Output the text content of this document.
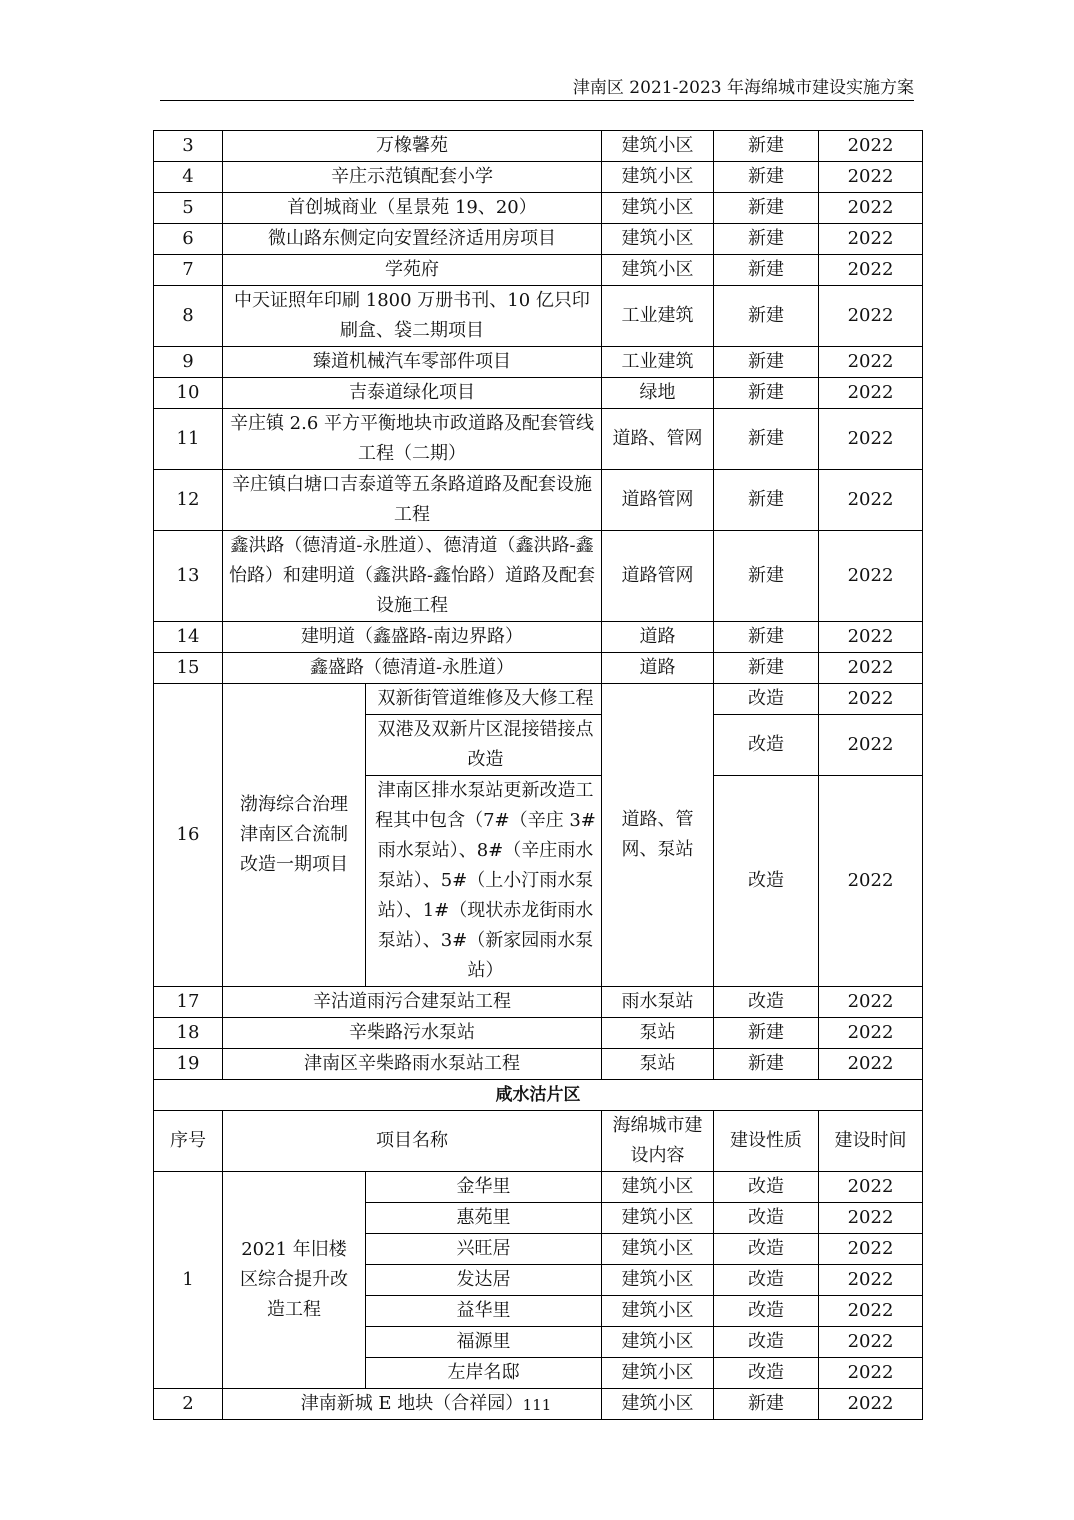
津南区 2021-2023 年海绵城市建设实施方案
3	万橡馨苑		建筑小区	新建	2022
4	辛庄示范镇配套小学		建筑小区	新建	2022
5	首创城商业（星景苑 19、20）		建筑小区	新建	2022
6	微山路东侧定向安置经济适用房项目		建筑小区	新建	2022
7	学苑府		建筑小区	新建	2022
8	中天证照年印刷 1800 万册书刊、10 亿只印刷盒、袋二期项目		工业建筑	新建	2022
9	臻道机械汽车零部件项目		工业建筑	新建	2022
10	吉泰道绿化项目		绿地	新建	2022
11	辛庄镇 2.6 平方平衡地块市政道路及配套管线工程（二期）		道路、管网	新建	2022
12	辛庄镇白塘口吉泰道等五条路道路及配套设施工程		道路管网	新建	2022
13	鑫洪路（德清道-永胜道）、德清道（鑫洪路-鑫怡路）和建明道（鑫洪路-鑫怡路）道路及配套设施工程		道路管网	新建	2022
14	建明道（鑫盛路-南边界路）		道路	新建	2022
15	鑫盛路（德清道-永胜道）		道路	新建	2022
16	渤海综合治理津南区合流制改造一期项目	双新街管道维修及大修工程	道路、管网、泵站	改造	2022
		双港及双新片区混接错接点改造		改造	2022
		津南区排水泵站更新改造工程其中包含（7#（辛庄 3#雨水泵站）、8#（辛庄雨水泵站）、5#（上小汀雨水泵站）、1#（现状赤龙街雨水泵站）、3#（新家园雨水泵站）		改造	2022
17	辛沽道雨污合建泵站工程		雨水泵站	改造	2022
18	辛柴路污水泵站		泵站	新建	2022
19	津南区辛柴路雨水泵站工程		泵站	新建	2022
咸水沽片区					
序号	项目名称		海绵城市建设内容	建设性质	建设时间
1	2021 年旧楼区综合提升改造工程	金华里	建筑小区	改造	2022
		惠苑里	建筑小区	改造	2022
		兴旺居	建筑小区	改造	2022
		发达居	建筑小区	改造	2022
		益华里	建筑小区	改造	2022
		福源里	建筑小区	改造	2022
		左岸名邸	建筑小区	改造	2022
2	津南新城 E 地块（合祥园）		建筑小区	新建	2022
111
